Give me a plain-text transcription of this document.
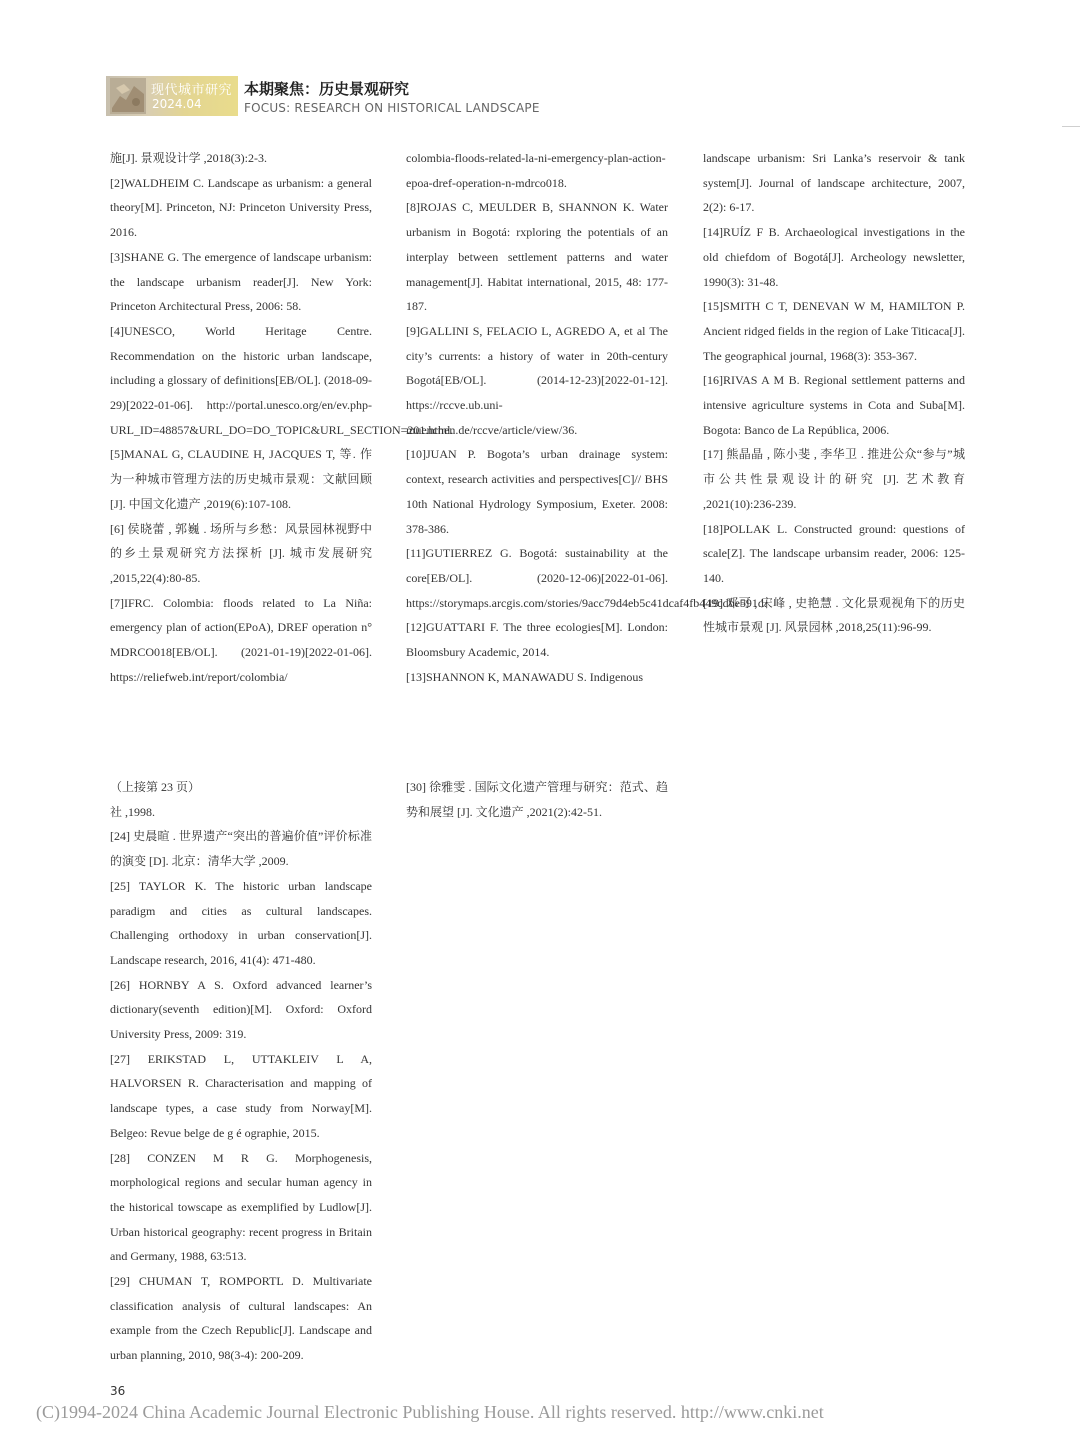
现代城市研究
2024.04
本期聚焦：历史景观研究
FOCUS: RESEARCH ON HISTORICAL LANDSCAPE

施[J]. 景观设计学 ,2018(3):2-3.

[2]WALDHEIM C. Landscape as urbanism: a general theory[M]. Princeton, NJ: Princeton University Press, 2016.

[3]SHANE G. The emergence of landscape urbanism: the landscape urbanism reader[J]. New York: Princeton Architectural Press, 2006: 58.

[4]UNESCO, World Heritage Centre. Recommendation on the historic urban landscape, including a glossary of definitions[EB/OL]. (2018-09-29)[2022-01-06]. http://portal.unesco.org/en/ev.php-URL_ID=48857&URL_DO=DO_TOPIC&URL_SECTION=201.html.

[5]MANAL G, CLAUDINE H, JACQUES T, 等. 作为一种城市管理方法的历史城市景观：文献回顾 [J]. 中国文化遗产 ,2019(6):107-108.

[6] 侯晓蕾 , 郭巍 . 场所与乡愁：风景园林视野中的乡土景观研究方法探析 [J]. 城市发展研究 ,2015,22(4):80-85.

[7]IFRC. Colombia: floods related to La Niña: emergency plan of action(EPoA), DREF operation n° MDRCO018[EB/OL]. (2021-01-19)[2022-01-06]. https://reliefweb.int/report/colombia/

colombia-floods-related-la-ni-emergency-plan-action-epoa-dref-operation-n-mdrco018.

[8]ROJAS C, MEULDER B, SHANNON K. Water urbanism in Bogotá: rxploring the potentials of an interplay between settlement patterns and water management[J]. Habitat international, 2015, 48: 177-187.

[9]GALLINI S, FELACIO L, AGREDO A, et al The city’s currents: a history of water in 20th-century Bogotá[EB/OL]. (2014-12-23)[2022-01-12]. https://rccve.ub.uni-muenchen.de/rccve/article/view/36.

[10]JUAN P. Bogota’s urban drainage system: context, research activities and perspectives[C]// BHS 10th National Hydrology Symposium, Exeter. 2008: 378-386.

[11]GUTIERREZ G. Bogotá: sustainability at the core[EB/OL]. (2020-12-06)[2022-01-06]. https://storymaps.arcgis.com/stories/9acc79d4eb5c41dcaf4fb449cdbe591d.

[12]GUATTARI F. The three ecologies[M]. London: Bloomsbury Academic, 2014.

[13]SHANNON K, MANAWADU S. Indigenous

landscape urbanism: Sri Lanka’s reservoir & tank system[J]. Journal of landscape architecture, 2007, 2(2): 6-17.

[14]RUÍZ F B. Archaeological investigations in the old chiefdom of Bogotá[J]. Archeology newsletter, 1990(3): 31-48.

[15]SMITH C T, DENEVAN W M, HAMILTON P. Ancient ridged fields in the region of Lake Titicaca[J]. The geographical journal, 1968(3): 353-367.

[16]RIVAS A M B. Regional settlement patterns and intensive agriculture systems in Cota and Suba[M]. Bogota: Banco de La República, 2006.

[17] 熊晶晶 , 陈小斐 , 李华卫 . 推进公众“参与”城市公共性景观设计的研究 [J]. 艺术教育 ,2021(10):236-239.

[18]POLLAK L. Constructed ground: questions of scale[Z]. The landscape urbansim reader, 2006: 125-140.

[19] 邓可 , 宋峰 , 史艳慧 . 文化景观视角下的历史性城市景观 [J]. 风景园林 ,2018,25(11):96-99.

（上接第 23 页）

社 ,1998.

[24] 史晨暄 . 世界遗产“突出的普遍价值”评价标准的演变 [D]. 北京：清华大学 ,2009.

[25] TAYLOR K. The historic urban landscape paradigm and cities as cultural landscapes. Challenging orthodoxy in urban conservation[J]. Landscape research, 2016, 41(4): 471-480.

[26] HORNBY A S. Oxford advanced learner’s dictionary(seventh edition)[M]. Oxford: Oxford University Press, 2009: 319.

[27] ERIKSTAD L, UTTAKLEIV L A, HALVORSEN R. Characterisation and mapping of landscape types, a case study from Norway[M]. Belgeo: Revue belge de g é ographie, 2015.

[28] CONZEN M R G. Morphogenesis, morphological regions and secular human agency in the historical towscape as exemplified by Ludlow[J]. Urban historical geography: recent progress in Britain and Germany, 1988, 63:513.

[29] CHUMAN T, ROMPORTL D. Multivariate classification analysis of cultural landscapes: An example from the Czech Republic[J]. Landscape and urban planning, 2010, 98(3-4): 200-209.

[30] 徐雅雯 . 国际文化遗产管理与研究：范式、趋势和展望 [J]. 文化遗产 ,2021(2):42-51.

36
(C)1994-2024 China Academic Journal Electronic Publishing House. All rights reserved. http://www.cnki.net
